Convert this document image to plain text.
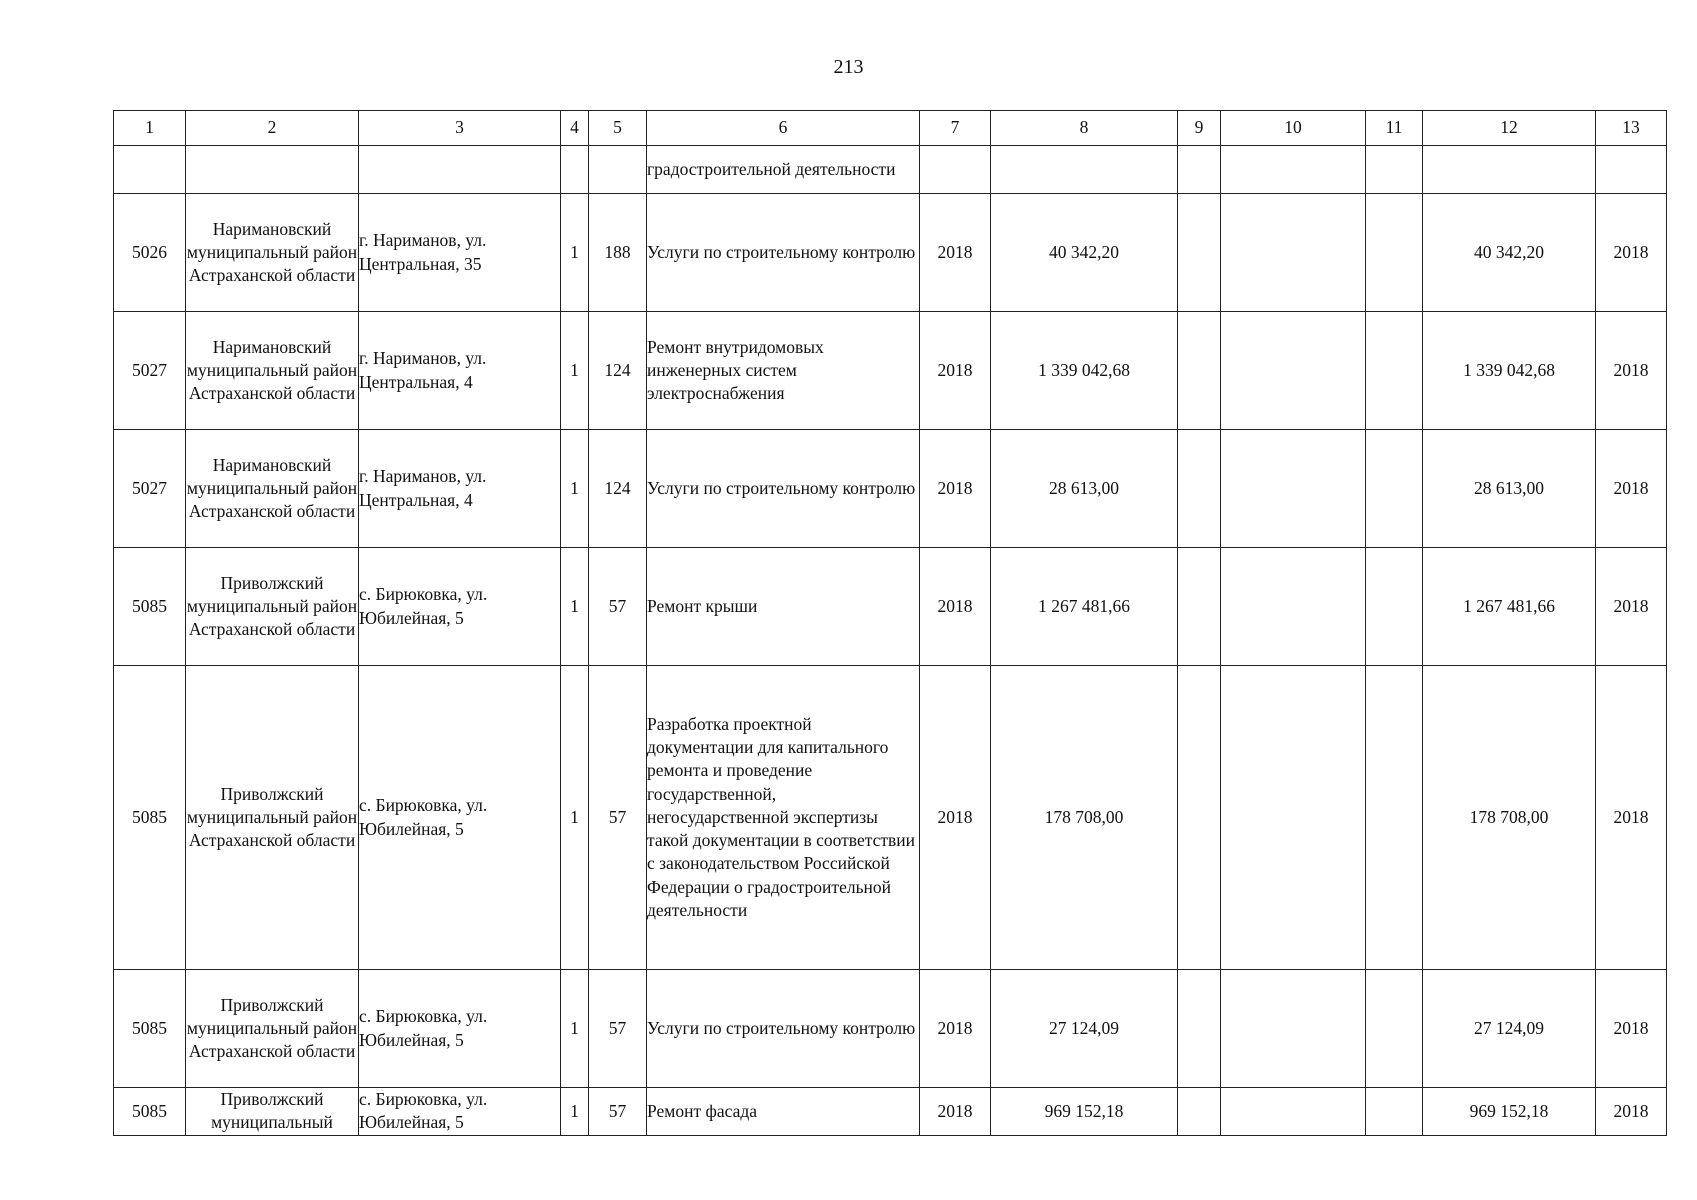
213
1	2	3	4	5	6	7	8	9	10	11	12	13
					градостроительной деятельности							
5026	Наримановский муниципальный район Астраханской области	г. Нариманов, ул. Центральная, 35	1	188	Услуги по строительному контролю	2018	40 342,20				40 342,20	2018
5027	Наримановский муниципальный район Астраханской области	г. Нариманов, ул. Центральная, 4	1	124	Ремонт внутридомовых инженерных систем электроснабжения	2018	1 339 042,68				1 339 042,68	2018
5027	Наримановский муниципальный район Астраханской области	г. Нариманов, ул. Центральная, 4	1	124	Услуги по строительному контролю	2018	28 613,00				28 613,00	2018
5085	Приволжский муниципальный район Астраханской области	с. Бирюковка, ул. Юбилейная, 5	1	57	Ремонт крыши	2018	1 267 481,66				1 267 481,66	2018
5085	Приволжский муниципальный район Астраханской области	с. Бирюковка, ул. Юбилейная, 5	1	57	Разработка проектной документации для капитального ремонта и проведение государственной, негосударственной экспертизы такой документации в соответствии с законодательством Российской Федерации о градостроительной деятельности	2018	178 708,00				178 708,00	2018
5085	Приволжский муниципальный район Астраханской области	с. Бирюковка, ул. Юбилейная, 5	1	57	Услуги по строительному контролю	2018	27 124,09				27 124,09	2018
5085	Приволжский муниципальный	с. Бирюковка, ул. Юбилейная, 5	1	57	Ремонт фасада	2018	969 152,18				969 152,18	2018
